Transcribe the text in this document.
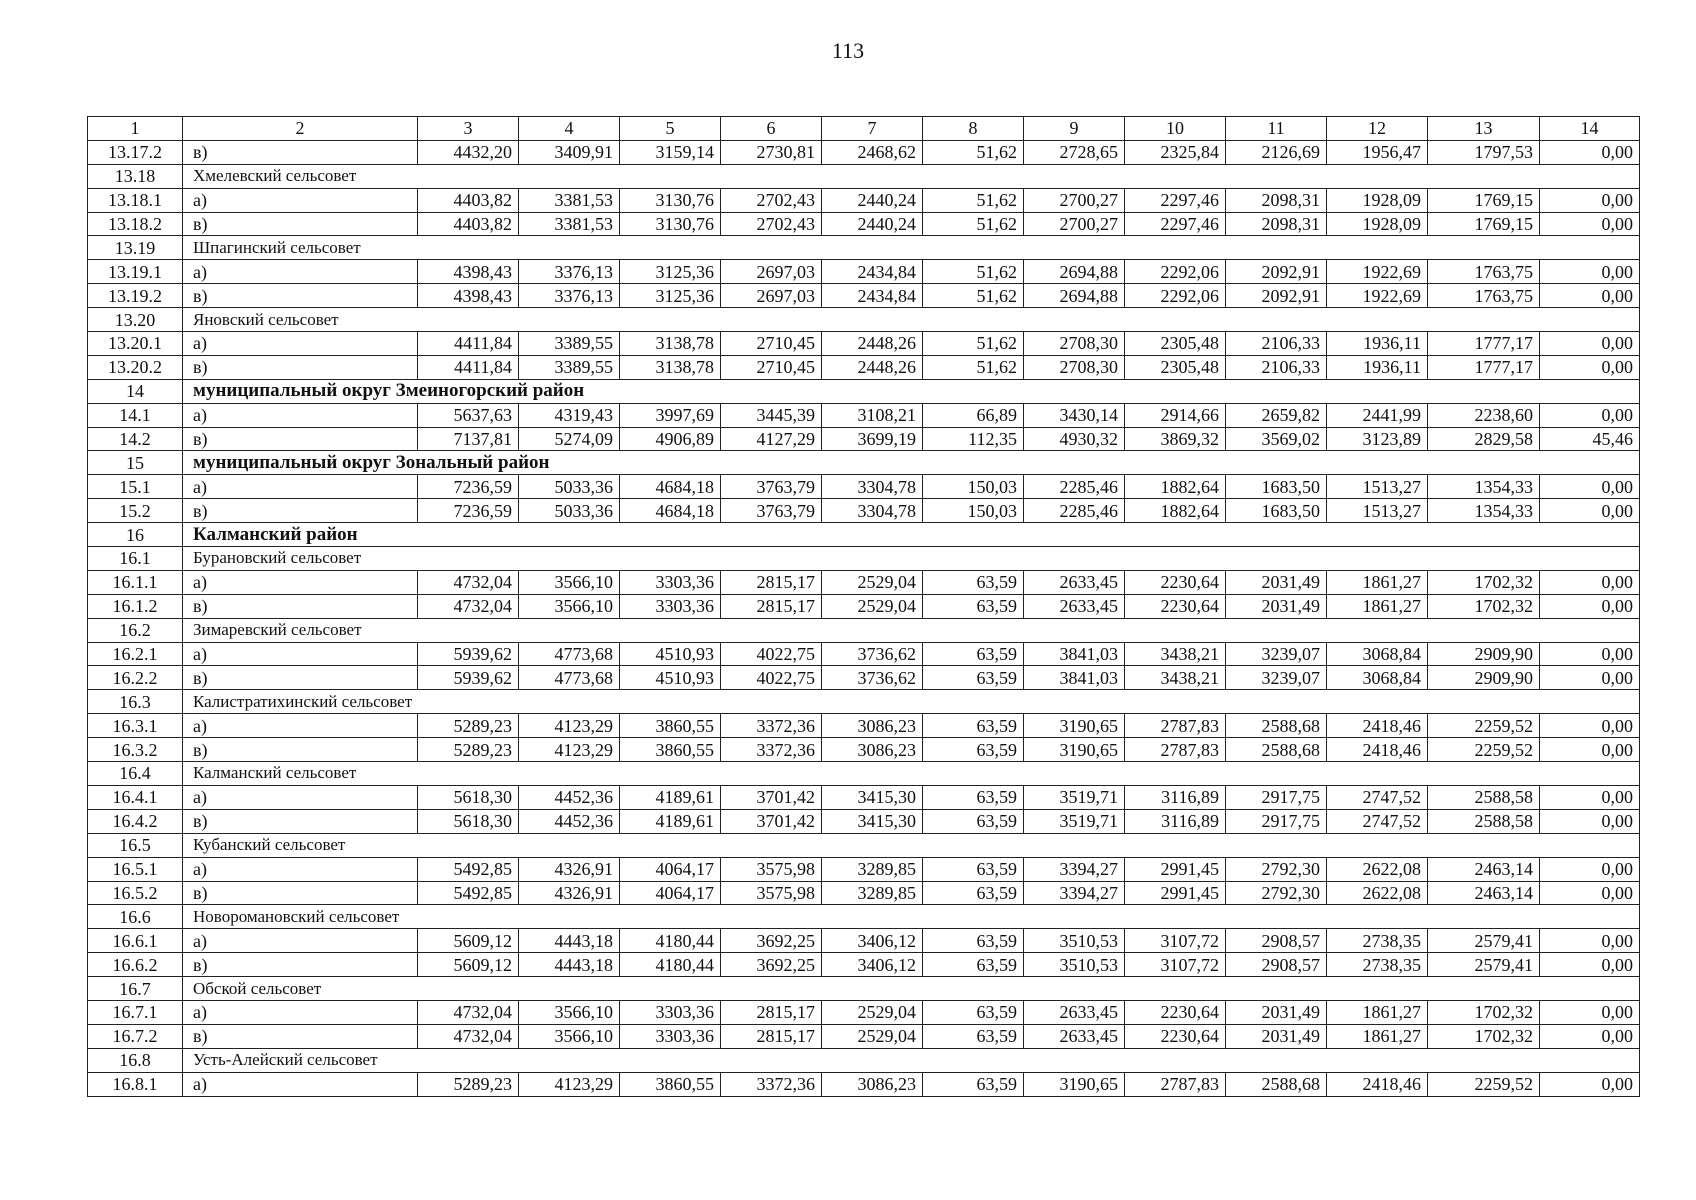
113
1	2	3	4	5	6	7	8	9	10	11	12	13	14
13.17.2	в)	4432,20	3409,91	3159,14	2730,81	2468,62	51,62	2728,65	2325,84	2126,69	1956,47	1797,53	0,00
13.18	Хмелевский сельсовет												
13.18.1	а)	4403,82	3381,53	3130,76	2702,43	2440,24	51,62	2700,27	2297,46	2098,31	1928,09	1769,15	0,00
13.18.2	в)	4403,82	3381,53	3130,76	2702,43	2440,24	51,62	2700,27	2297,46	2098,31	1928,09	1769,15	0,00
13.19	Шпагинский сельсовет												
13.19.1	а)	4398,43	3376,13	3125,36	2697,03	2434,84	51,62	2694,88	2292,06	2092,91	1922,69	1763,75	0,00
13.19.2	в)	4398,43	3376,13	3125,36	2697,03	2434,84	51,62	2694,88	2292,06	2092,91	1922,69	1763,75	0,00
13.20	Яновский сельсовет												
13.20.1	а)	4411,84	3389,55	3138,78	2710,45	2448,26	51,62	2708,30	2305,48	2106,33	1936,11	1777,17	0,00
13.20.2	в)	4411,84	3389,55	3138,78	2710,45	2448,26	51,62	2708,30	2305,48	2106,33	1936,11	1777,17	0,00
14	муниципальный округ Змеиногорский район												
14.1	а)	5637,63	4319,43	3997,69	3445,39	3108,21	66,89	3430,14	2914,66	2659,82	2441,99	2238,60	0,00
14.2	в)	7137,81	5274,09	4906,89	4127,29	3699,19	112,35	4930,32	3869,32	3569,02	3123,89	2829,58	45,46
15	муниципальный округ Зональный район												
15.1	а)	7236,59	5033,36	4684,18	3763,79	3304,78	150,03	2285,46	1882,64	1683,50	1513,27	1354,33	0,00
15.2	в)	7236,59	5033,36	4684,18	3763,79	3304,78	150,03	2285,46	1882,64	1683,50	1513,27	1354,33	0,00
16	Калманский район												
16.1	Бурановский сельсовет												
16.1.1	а)	4732,04	3566,10	3303,36	2815,17	2529,04	63,59	2633,45	2230,64	2031,49	1861,27	1702,32	0,00
16.1.2	в)	4732,04	3566,10	3303,36	2815,17	2529,04	63,59	2633,45	2230,64	2031,49	1861,27	1702,32	0,00
16.2	Зимаревский сельсовет												
16.2.1	а)	5939,62	4773,68	4510,93	4022,75	3736,62	63,59	3841,03	3438,21	3239,07	3068,84	2909,90	0,00
16.2.2	в)	5939,62	4773,68	4510,93	4022,75	3736,62	63,59	3841,03	3438,21	3239,07	3068,84	2909,90	0,00
16.3	Калистратихинский сельсовет												
16.3.1	а)	5289,23	4123,29	3860,55	3372,36	3086,23	63,59	3190,65	2787,83	2588,68	2418,46	2259,52	0,00
16.3.2	в)	5289,23	4123,29	3860,55	3372,36	3086,23	63,59	3190,65	2787,83	2588,68	2418,46	2259,52	0,00
16.4	Калманский сельсовет												
16.4.1	а)	5618,30	4452,36	4189,61	3701,42	3415,30	63,59	3519,71	3116,89	2917,75	2747,52	2588,58	0,00
16.4.2	в)	5618,30	4452,36	4189,61	3701,42	3415,30	63,59	3519,71	3116,89	2917,75	2747,52	2588,58	0,00
16.5	Кубанский сельсовет												
16.5.1	а)	5492,85	4326,91	4064,17	3575,98	3289,85	63,59	3394,27	2991,45	2792,30	2622,08	2463,14	0,00
16.5.2	в)	5492,85	4326,91	4064,17	3575,98	3289,85	63,59	3394,27	2991,45	2792,30	2622,08	2463,14	0,00
16.6	Новоромановский сельсовет												
16.6.1	а)	5609,12	4443,18	4180,44	3692,25	3406,12	63,59	3510,53	3107,72	2908,57	2738,35	2579,41	0,00
16.6.2	в)	5609,12	4443,18	4180,44	3692,25	3406,12	63,59	3510,53	3107,72	2908,57	2738,35	2579,41	0,00
16.7	Обской сельсовет												
16.7.1	а)	4732,04	3566,10	3303,36	2815,17	2529,04	63,59	2633,45	2230,64	2031,49	1861,27	1702,32	0,00
16.7.2	в)	4732,04	3566,10	3303,36	2815,17	2529,04	63,59	2633,45	2230,64	2031,49	1861,27	1702,32	0,00
16.8	Усть-Алейский сельсовет												
16.8.1	а)	5289,23	4123,29	3860,55	3372,36	3086,23	63,59	3190,65	2787,83	2588,68	2418,46	2259,52	0,00
